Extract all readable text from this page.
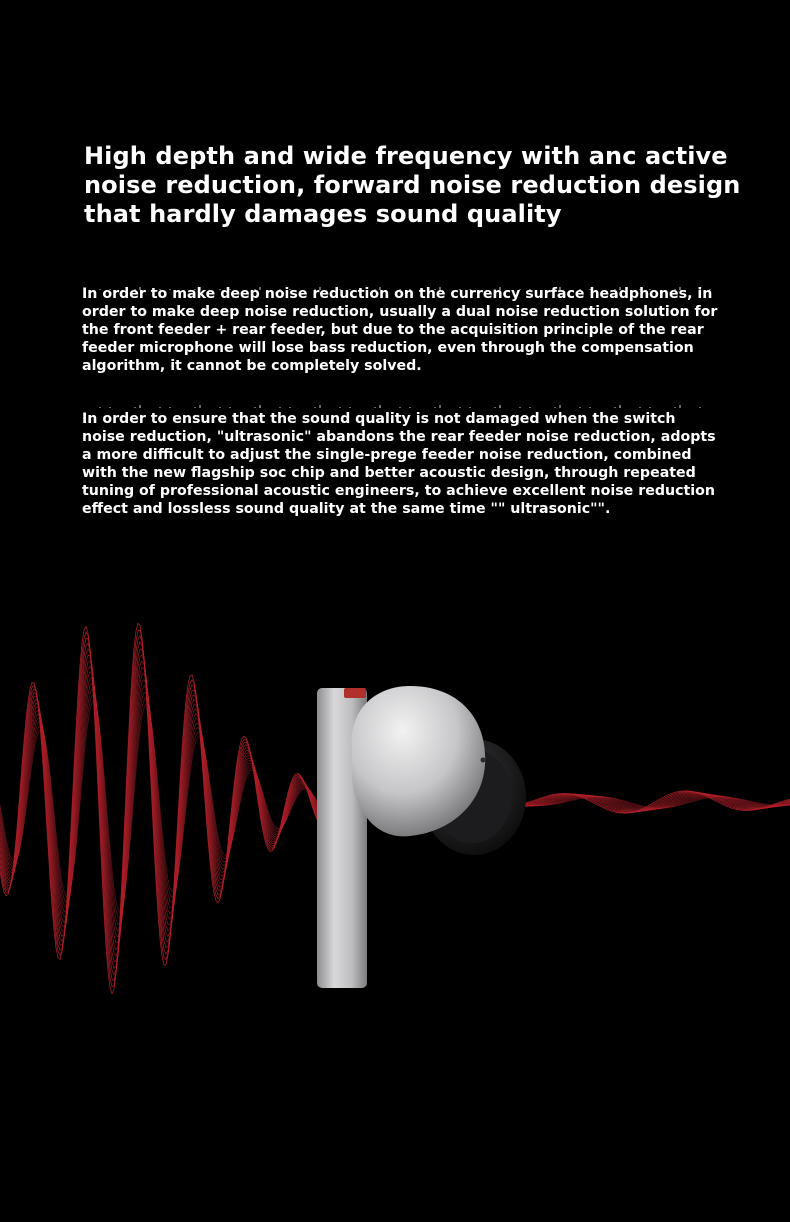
High depth and wide frequency with anc active noise reduction, forward noise reduction design that hardly damages sound quality

In order to make deep noise reduction on the currency surface headphones, in order to make deep noise reduction, usually a dual noise reduction solution for the front feeder + rear feeder, but due to the acquisition principle of the rear feeder microphone will lose bass reduction, even through the compensation algorithm, it cannot be completely solved.

In order to ensure that the sound quality is not damaged when the switch noise reduction, "ultrasonic" abandons the rear feeder noise reduction, adopts a more difficult to adjust the single-prege feeder noise reduction, combined with the new flagship soc chip and better acoustic design, through repeated tuning of professional acoustic engineers, to achieve excellent noise reduction effect and lossless sound quality at the same time "" ultrasonic"".
